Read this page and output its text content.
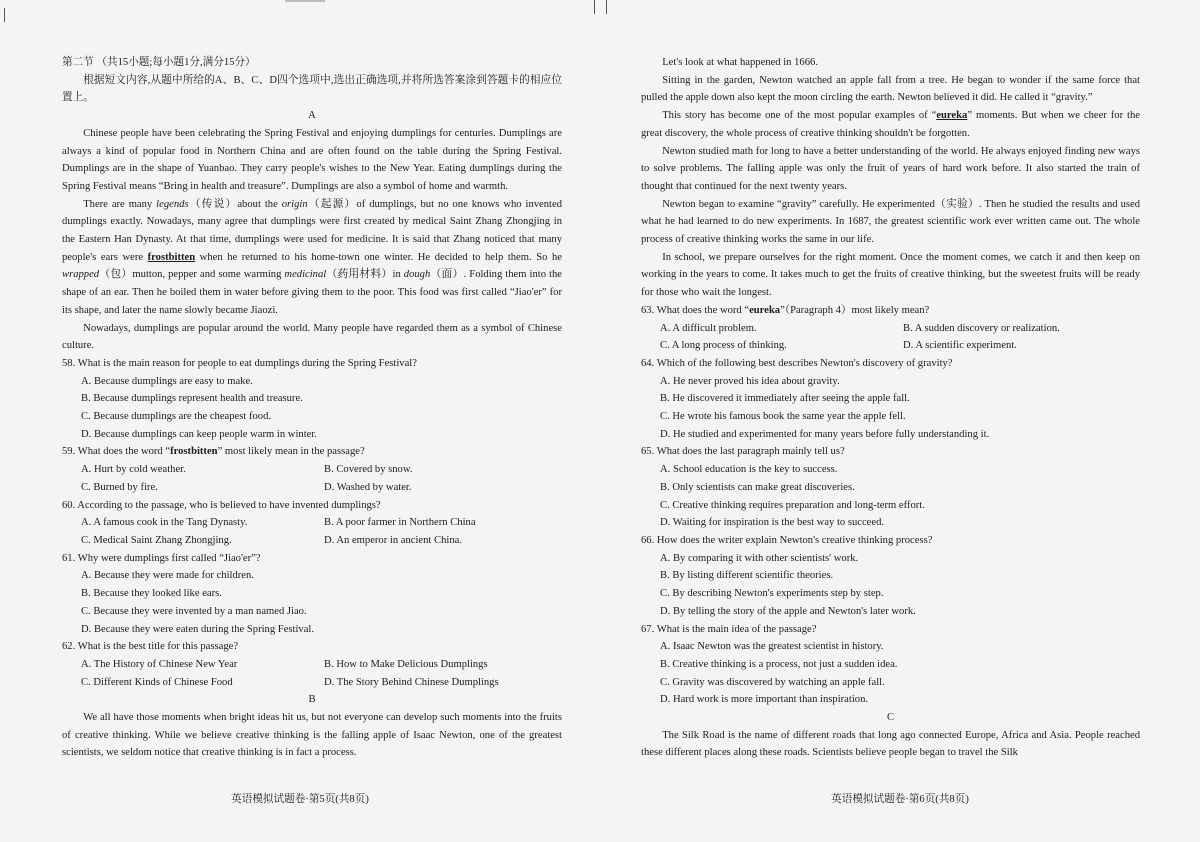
第二节 （共15小题;每小题1分,满分15分）

根据短文内容,从题中所给的A、B、C、D四个选项中,选出正确选项,并将所选答案涂到答题卡的相应位置上。

A

Chinese people have been celebrating the Spring Festival and enjoying dumplings for centuries. Dumplings are always a kind of popular food in Northern China and are often found on the table during the Spring Festival. Dumplings are in the shape of Yuanbao. They carry people's wishes to the New Year. Eating dumplings during the Spring Festival means “Bring in health and treasure”. Dumplings are also a symbol of home and warmth.

There are many legends（传说）about the origin（起源）of dumplings, but no one knows who invented dumplings exactly. Nowadays, many agree that dumplings were first created by medical Saint Zhang Zhongjing in the Eastern Han Dynasty. At that time, dumplings were used for medicine. It is said that Zhang noticed that many people's ears were frostbitten when he returned to his home-town one winter. He decided to help them. So he wrapped（包）mutton, pepper and some warming medicinal（药用材料）in dough（面）. Folding them into the shape of an ear. Then he boiled them in water before giving them to the poor. This food was first called “Jiao'er” for its shape, and later the name slowly became Jiaozi.

Nowadays, dumplings are popular around the world. Many people have regarded them as a symbol of Chinese culture.

58. What is the main reason for people to eat dumplings during the Spring Festival?

A. Because dumplings are easy to make.

B. Because dumplings represent health and treasure.

C. Because dumplings are the cheapest food.

D. Because dumplings can keep people warm in winter.

59. What does the word “frostbitten” most likely mean in the passage?

A. Hurt by cold weather.	B. Covered by snow.
C. Burned by fire.	D. Washed by water.

60. According to the passage, who is believed to have invented dumplings?

A. A famous cook in the Tang Dynasty.	B. A poor farmer in Northern China
C. Medical Saint Zhang Zhongjing.	D. An emperor in ancient China.

61. Why were dumplings first called “Jiao'er”?

A. Because they were made for children.

B. Because they looked like ears.

C. Because they were invented by a man named Jiao.

D. Because they were eaten during the Spring Festival.

62. What is the best title for this passage?

A. The History of Chinese New Year	B. How to Make Delicious Dumplings
C. Different Kinds of Chinese Food	D. The Story Behind Chinese Dumplings

B

We all have those moments when bright ideas hit us, but not everyone can develop such moments into the fruits of creative thinking. While we believe creative thinking is the falling apple of Isaac Newton, one of the greatest scientists, we seldom notice that creative thinking is in fact a process.

英语模拟试题卷·第5页(共8页)

Let's look at what happened in 1666.

Sitting in the garden, Newton watched an apple fall from a tree. He began to wonder if the same force that pulled the apple down also kept the moon circling the earth. Newton believed it did. He called it “gravity.”

This story has become one of the most popular examples of “eureka” moments. But when we cheer for the great discovery, the whole process of creative thinking shouldn't be forgotten.

Newton studied math for long to have a better understanding of the world. He always enjoyed finding new ways to solve problems. The falling apple was only the fruit of years of hard work before. It also started the train of thought that continued for the next twenty years.

Newton began to examine “gravity” carefully. He experimented（实验）. Then he studied the results and used what he had learned to do new experiments. In 1687, the greatest scientific work ever written came out. The whole process of creative thinking works the same in our life.

In school, we prepare ourselves for the right moment. Once the moment comes, we catch it and then keep on working in the years to come. It takes much to get the fruits of creative thinking, but the sweetest fruits will be ready for those who wait the longest.

63. What does the word “eureka”（Paragraph 4）most likely mean?

A. A difficult problem.	B. A sudden discovery or realization.
C. A long process of thinking.	D. A scientific experiment.

64. Which of the following best describes Newton's discovery of gravity?

A. He never proved his idea about gravity.

B. He discovered it immediately after seeing the apple fall.

C. He wrote his famous book the same year the apple fell.

D. He studied and experimented for many years before fully understanding it.

65. What does the last paragraph mainly tell us?

A. School education is the key to success.

B. Only scientists can make great discoveries.

C. Creative thinking requires preparation and long-term effort.

D. Waiting for inspiration is the best way to succeed.

66. How does the writer explain Newton's creative thinking process?

A. By comparing it with other scientists' work.

B. By listing different scientific theories.

C. By describing Newton's experiments step by step.

D. By telling the story of the apple and Newton's later work.

67. What is the main idea of the passage?

A. Isaac Newton was the greatest scientist in history.

B. Creative thinking is a process, not just a sudden idea.

C. Gravity was discovered by watching an apple fall.

D. Hard work is more important than inspiration.

C

The Silk Road is the name of different roads that long ago connected Europe, Africa and Asia. People reached these different places along these roads. Scientists believe people began to travel the Silk

英语模拟试题卷·第6页(共8页)
